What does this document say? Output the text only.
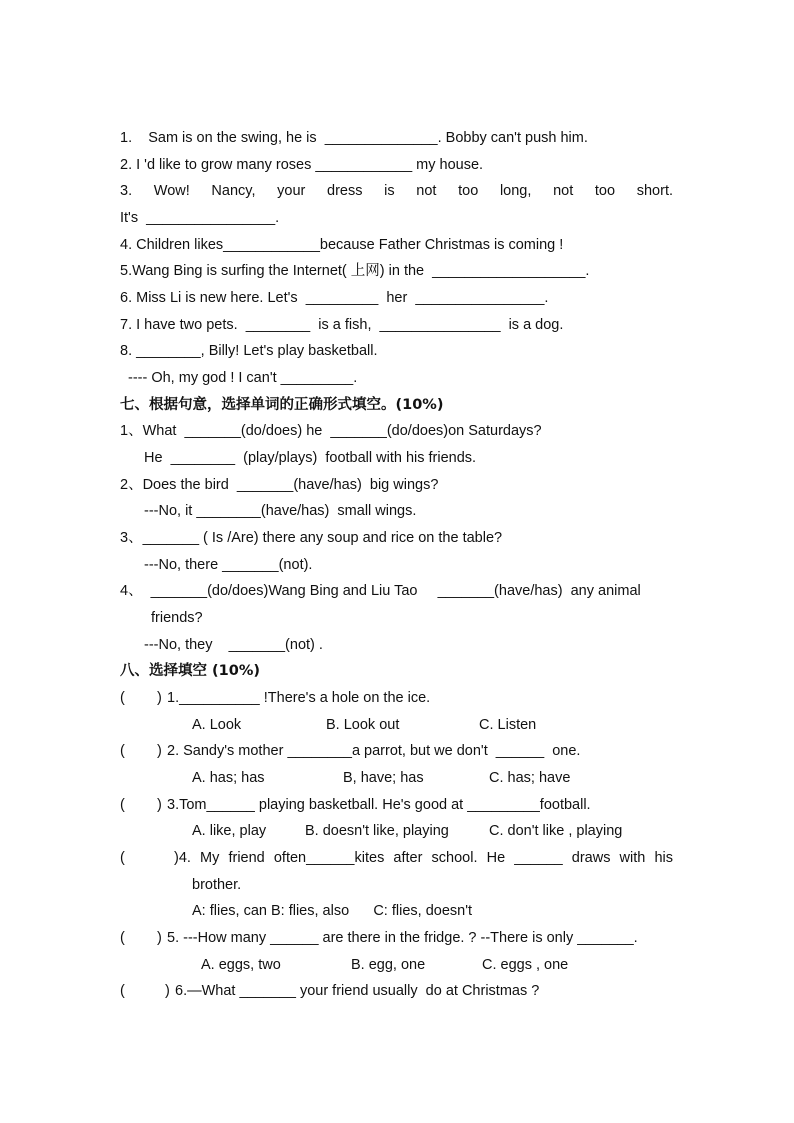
1.    Sam is on the swing, he is  ______________. Bobby can't push him.
2. I 'd like to grow many roses ____________ my house.
3. Wow! Nancy, your dress is not too long, not too short.
It's  ________________.
4. Children likes____________because Father Christmas is coming !
5.Wang Bing is surfing the Internet( 上网) in the  ___________________.
6. Miss Li is new here. Let's  _________  her  ________________.
7. I have two pets.  ________  is a fish,  _______________  is a dog.
8. ________, Billy! Let's play basketball.
---- Oh, my god ! I can't _________.
七、根据句意，选择单词的正确形式填空。(10%)
1、What  _______(do/does) he  _______(do/does)on Saturdays?
He  ________  (play/plays)  football with his friends.
2、Does the bird  _______(have/has)  big wings?
---No, it ________(have/has)  small wings.
3、_______ ( Is /Are) there any soup and rice on the table?
---No, there _______(not).
4、  _______(do/does)Wang Bing and Liu Tao     _______(have/has)  any animal
friends?
---No, they    _______(not) .
八、选择填空 (10%)
( ) 1.__________ !There's a hole on the ice.
A. Look	B. Look out	C. Listen
( ) 2. Sandy's mother ________a parrot, but we don't  ______  one.
A. has; has	B, have; has	C. has; have
( ) 3.Tom______ playing basketball. He's good at _________football.
A. like, play	B. doesn't like, playing	C. don't like , playing
(	)4. My friend often______kites after school. He ______ draws with his
brother.
A: flies, can B: flies, also      C: flies, doesn't
( ) 5. ---How many ______ are there in the fridge. ? --There is only _______.
A. eggs, two	B. egg, one	C. eggs , one
(	) 6.—What _______ your friend usually  do at Christmas ?
